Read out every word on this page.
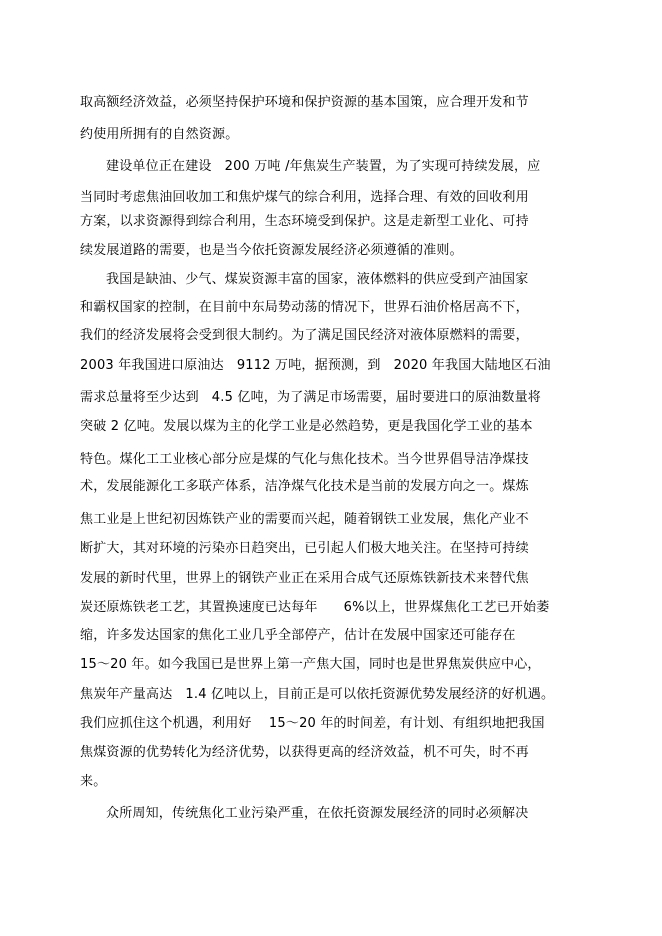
取高额经济效益，必须坚持保护环境和保护资源的基本国策，应合理开发和节
约使用所拥有的自然资源。
建设单位正在建设   200 万吨 /年焦炭生产装置，为了实现可持续发展，应
当同时考虑焦油回收加工和焦炉煤气的综合利用，选择合理、有效的回收利用
方案，以求资源得到综合利用，生态环境受到保护。这是走新型工业化、可持
续发展道路的需要，也是当今依托资源发展经济必须遵循的准则。
我国是缺油、少气、煤炭资源丰富的国家，液体燃料的供应受到产油国家
和霸权国家的控制，在目前中东局势动荡的情况下，世界石油价格居高不下，
我们的经济发展将会受到很大制约。为了满足国民经济对液体原燃料的需要，
2003 年我国进口原油达   9112 万吨，据预测，到   2020 年我国大陆地区石油
需求总量将至少达到   4.5 亿吨，为了满足市场需要，届时要进口的原油数量将
突破 2 亿吨。发展以煤为主的化学工业是必然趋势，更是我国化学工业的基本
特色。煤化工工业核心部分应是煤的气化与焦化技术。当今世界倡导洁净煤技
术，发展能源化工多联产体系，洁净煤气化技术是当前的发展方向之一。煤炼
焦工业是上世纪初因炼铁产业的需要而兴起，随着钢铁工业发展，焦化产业不
断扩大，其对环境的污染亦日趋突出，已引起人们极大地关注。在坚持可持续
发展的新时代里，世界上的钢铁产业正在采用合成气还原炼铁新技术来替代焦
炭还原炼铁老工艺，其置换速度已达每年      6%以上，世界煤焦化工艺已开始萎
缩，许多发达国家的焦化工业几乎全部停产，估计在发展中国家还可能存在
15～20 年。如今我国已是世界上第一产焦大国，同时也是世界焦炭供应中心，
焦炭年产量高达   1.4 亿吨以上，目前正是可以依托资源优势发展经济的好机遇。
我们应抓住这个机遇，利用好    15～20 年的时间差，有计划、有组织地把我国
焦煤资源的优势转化为经济优势，以获得更高的经济效益，机不可失，时不再
来。
众所周知，传统焦化工业污染严重，在依托资源发展经济的同时必须解决
